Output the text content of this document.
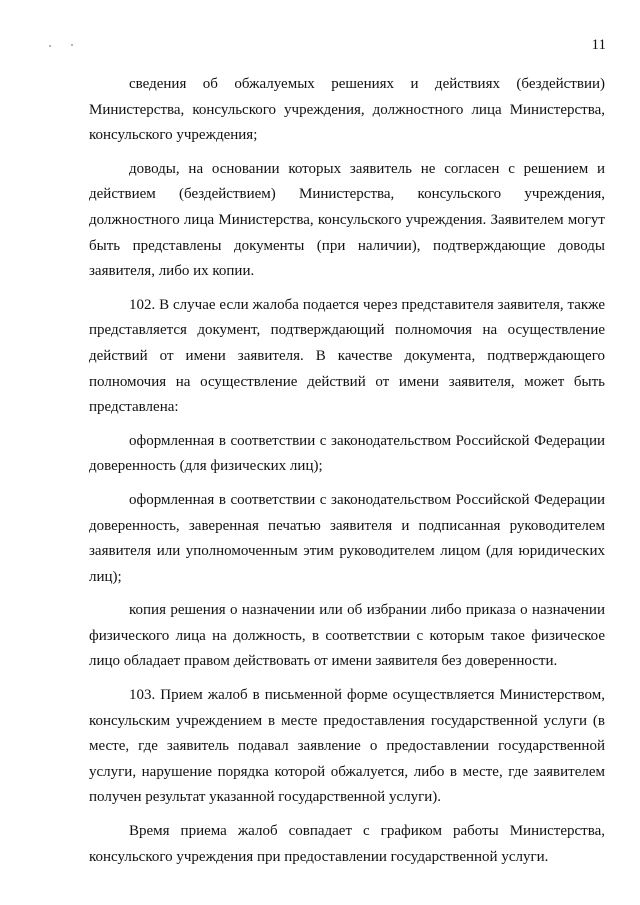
11

сведения об обжалуемых решениях и действиях (бездействии) Министерства, консульского учреждения, должностного лица Министерства, консульского учреждения;

доводы, на основании которых заявитель не согласен с решением и действием (бездействием) Министерства, консульского учреждения, должностного лица Министерства, консульского учреждения. Заявителем могут быть представлены документы (при наличии), подтверждающие доводы заявителя, либо их копии.

102. В случае если жалоба подается через представителя заявителя, также представляется документ, подтверждающий полномочия на осуществление действий от имени заявителя. В качестве документа, подтверждающего полномочия на осуществление действий от имени заявителя, может быть представлена:

оформленная в соответствии с законодательством Российской Федерации доверенность (для физических лиц);

оформленная в соответствии с законодательством Российской Федерации доверенность, заверенная печатью заявителя и подписанная руководителем заявителя или уполномоченным этим руководителем лицом (для юридических лиц);

копия решения о назначении или об избрании либо приказа о назначении физического лица на должность, в соответствии с которым такое физическое лицо обладает правом действовать от имени заявителя без доверенности.

103. Прием жалоб в письменной форме осуществляется Министерством, консульским учреждением в месте предоставления государственной услуги (в месте, где заявитель подавал заявление о предоставлении государственной услуги, нарушение порядка которой обжалуется, либо в месте, где заявителем получен результат указанной государственной услуги).

Время приема жалоб совпадает с графиком работы Министерства, консульского учреждения при предоставлении государственной услуги.
